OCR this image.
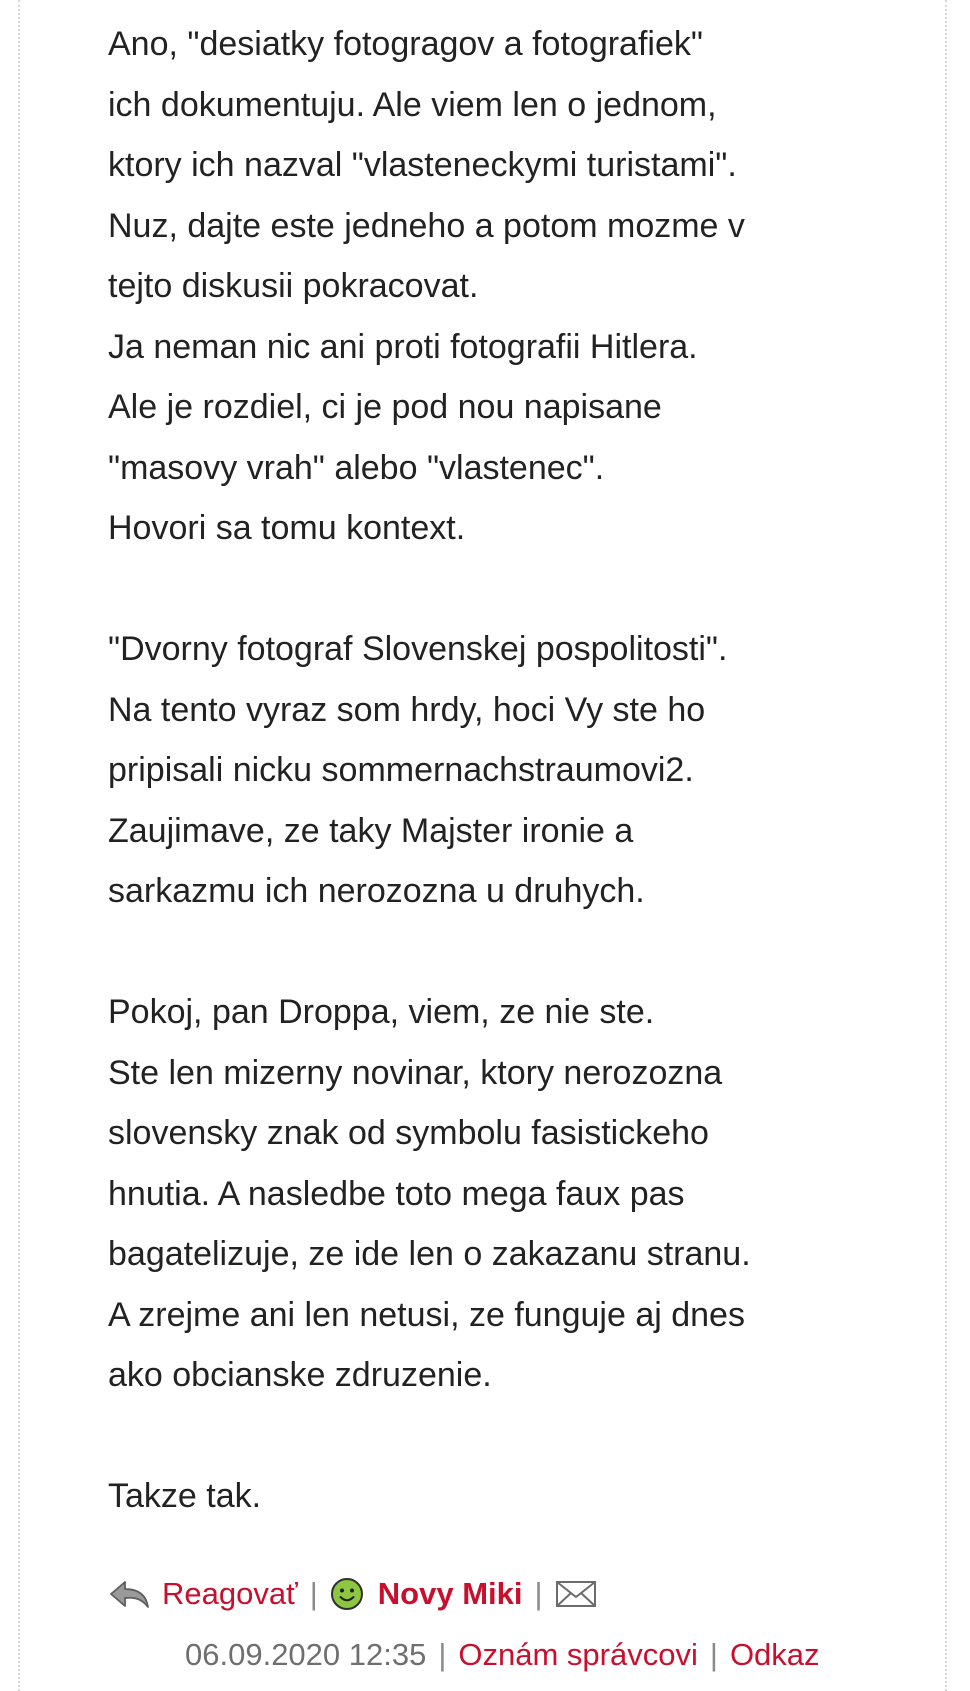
Ano, "desiatky fotogragov a fotografiek"
ich dokumentuju. Ale viem len o jednom,
ktory ich nazval "vlasteneckymi turistami".
Nuz, dajte este jedneho a potom mozme v
tejto diskusii pokracovat.
Ja neman nic ani proti fotografii Hitlera.
Ale je rozdiel, ci je pod nou napisane
"masovy vrah" alebo "vlastenec".
Hovori sa tomu kontext.

"Dvorny fotograf Slovenskej pospolitosti".
Na tento vyraz som hrdy, hoci Vy ste ho
pripisali nicku sommernachstraumovi2.
Zaujimave, ze taky Majster ironie a
sarkazmu ich nerozozna u druhych.

Pokoj, pan Droppa, viem, ze nie ste.
Ste len mizerny novinar, ktory nerozozna
slovensky znak od symbolu fasistickeho
hnutia. A nasledbe toto mega faux pas
bagatelizuje, ze ide len o zakazanu stranu.
A zrejme ani len netusi, ze funguje aj dnes
ako obcianske zdruzenie.

Takze tak.

Reagovať | Novy Miki |
06.09.2020 12:35 | Oznám správcovi | Odkaz
